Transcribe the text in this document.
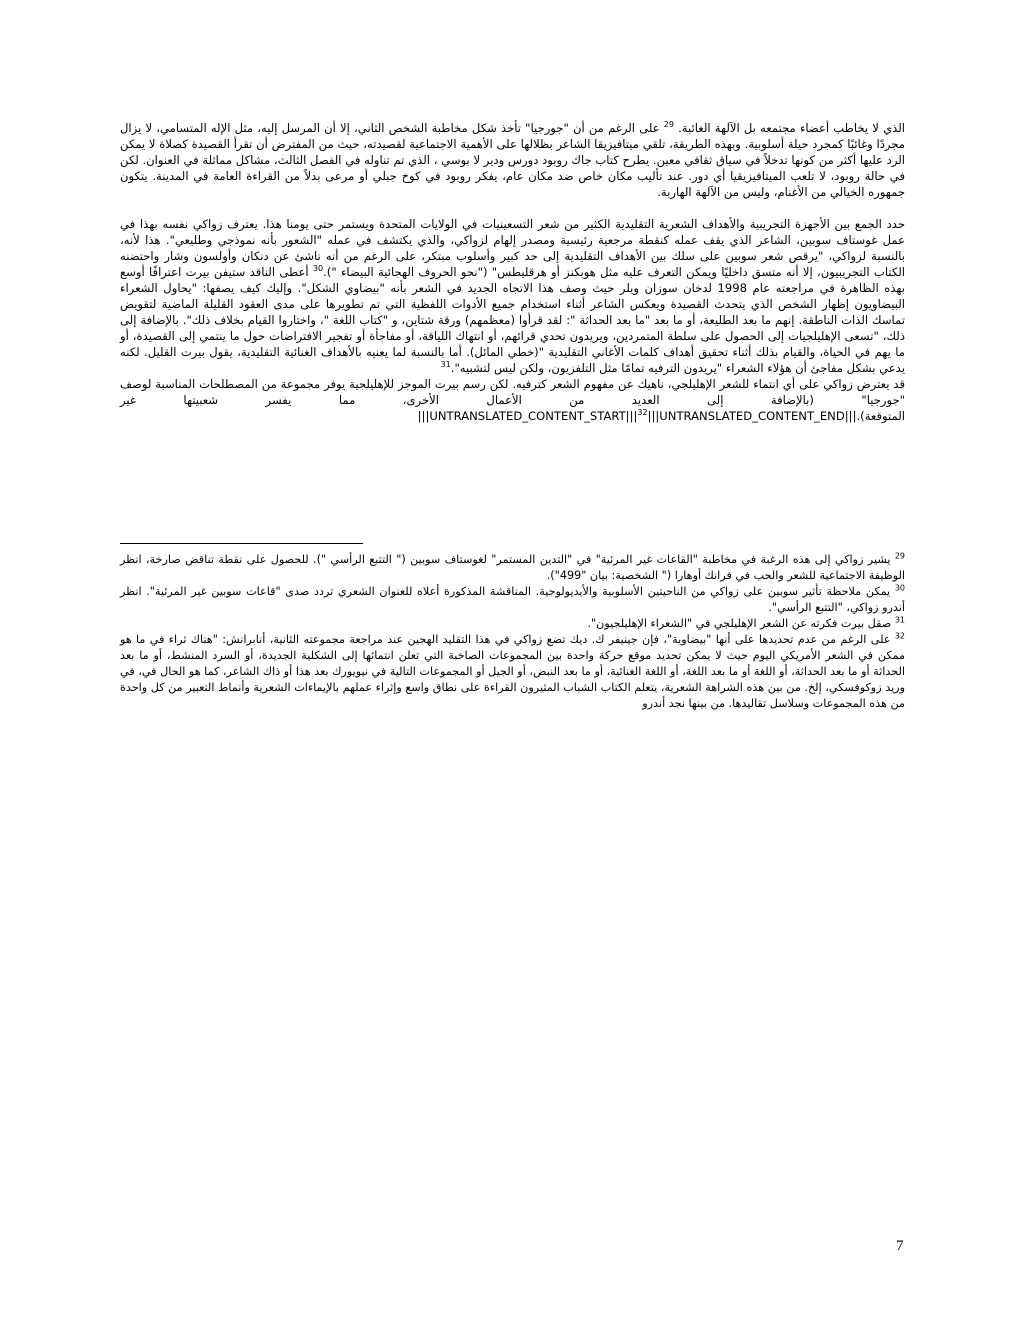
الذي لا يخاطب أعضاء مجتمعه بل الآلهة الغائبة. $^{29}$ على الرغم من أن "جورجيا" تأخذ شكل مخاطبة الشخص الثاني، إلا أن المرسل إليه، مثل الإله المتسامي، لا يزال مجردًا وغائبًا كمجرد حيلة أسلوبية. وبهذه الطريقة، تلقي ميتافيزيقا الشاعر بظلالها على الأهمية الاجتماعية لقصيدته، حيث من المفترض أن تقرأ القصيدة كصلاة لا يمكن الرد عليها أكثر من كونها تدخلاً في سياق ثقافي معين. يطرح كتاب جاك روبود دورس ودير لا بوسي ، الذي تم تناوله في الفصل الثالث، مشاكل مماثلة في العنوان. لكن في حالة روبود، لا تلعب الميتافيزيقيا أي دور. عند تأليب مكان خاص ضد مكان عام، يفكر روبود في كوخ جبلي أو مرعى بدلاً من القراءة العامة في المدينة. يتكون جمهوره الخيالي من الأغنام، وليس من الآلهة الهاربة.

حدد الجمع بين الأجهزة التجريبية والأهداف الشعرية التقليدية الكثير من شعر التسعينيات في الولايات المتحدة ويستمر حتى يومنا هذا. يعترف زواكي نفسه بهذا في عمل غوستاف سوبين، الشاعر الذي يقف عمله كنقطة مرجعية رئيسية ومصدر إلهام لزواكي، والذي يكتشف في عمله "الشعور بأنه نموذجي وطليعي". هذا لأنه، بالنسبة لزواكي، "يرقص شعر سوبين على سلك بين الأهداف التقليدية إلى حد كبير وأسلوب مبتكر، على الرغم من أنه ناشئ عن دنكان وأولسون وشار واحتضنه الكتاب التجريبيون، إلا أنه متسق داخليًا ويمكن التعرف عليه مثل هوبكنز أو هرقليطس" ("نحو الحروف الهجائية البيضاء ").$^{30}$ أعطى الناقد ستيفن بيرت اعترافًا أوسع بهذه الظاهرة في مراجعته عام 1998 لدخان سوزان ويلر حيث وصف هذا الاتجاه الجديد في الشعر بأنه "بيضاوي الشكل". وإليك كيف يصفها: "يحاول الشعراء البيضاويون إظهار الشخص الذي يتحدث القصيدة ويعكس الشاعر أثناء استخدام جميع الأدوات اللفظية التي تم تطويرها على مدى العقود القليلة الماضية لتقويض تماسك الذات الناطقة. إنهم ما بعد الطليعة، أو ما بعد "ما بعد الحداثة ": لقد قرأوا (معظمهم) ورقة شتاين، و "كتاب اللغة "، واختاروا القيام بخلاف ذلك". بالإضافة إلى ذلك، "تسعى الإهليلجيات إلى الحصول على سلطة المتمردين، ويريدون تحدي قرائهم، أو انتهاك اللياقة، أو مفاجأة أو تفجير الافتراضات حول ما ينتمي إلى القصيدة، أو ما يهم في الحياة، والقيام بذلك أثناء تحقيق أهداف كلمات الأغاني التقليدية "(خطي المائل). أما بالنسبة لما يعنيه بالأهداف الغنائية التقليدية، يقول بيرت القليل. لكنه يدعي بشكل مفاجئ أن هؤلاء الشعراء "يريدون الترفيه تمامًا مثل التلفزيون، ولكن ليس لتشبيه".$^{31}$

قد يعترض زواكي على أي انتماء للشعر الإهليلجي، ناهيك عن مفهوم الشعر كترفيه. لكن رسم بيرت الموجز للإهليلجية يوفر مجموعة من المصطلحات المناسبة لوصف "جورجيا" (بالإضافة إلى العديد من الأعمال الأخرى، مما يفسر شعبيتها غير $المتوقعة).|||UNTRANSLATED\_CONTENT\_START|||^{32}|||UNTRANSLATED\_CONTENT\_END|||$

$^{29}$ يشير زواكي إلى هذه الرغبة في مخاطبة "القاعات غير المرئية" في "التدين المستمر" لغوستاف سوبين (" التتبع الرأسي "). للحصول على نقطة تناقض صارخة، انظر الوظيفة الاجتماعية للشعر والحب في فرانك أوهارا (" الشخصية: بيان "499").

$^{30}$ يمكن ملاحظة تأثير سوبين على زواكي من الناحيتين الأسلوبية والأيديولوجية. المناقشة المذكورة أعلاه للعنوان الشعري تردد صدى "قاعات سوبين غير المرئية". انظر أندرو زواكي، "التتبع الرأسي".

$^{31}$ صقل بيرت فكرته عن الشعر الإهليلجي في "الشعراء الإهليلجيون".

$^{32}$ على الرغم من عدم تحديدها على أنها "بيضاوية"، فإن جينيفر ك. ديك تضع زواكي في هذا التقليد الهجين عند مراجعة مجموعته الثانية، أنابرانش: "هناك ثراء في ما هو ممكن في الشعر الأمريكي اليوم حيث لا يمكن تحديد موقع حركة واحدة بين المجموعات الصاخبة التي تعلن انتمائها إلى الشكلية الجديدة، أو السرد المنشط، أو ما بعد الحداثة أو ما بعد الحداثة، أو اللغة أو ما بعد اللغة، أو اللغة الغنائية، أو ما بعد النبض، أو الجيل أو المجموعات التالية في نيويورك بعد هذا أو ذاك الشاعر، كما هو الحال في، في وريد زوكوفسكي، إلخ. من بين هذه الشراهة الشعرية، يتعلم الكتاب الشباب المثيرون القراءة على نطاق واسع وإثراء عملهم بالإيماءات الشعرية وأنماط التعبير من كل واحدة من هذه المجموعات وسلاسل تقاليدها. من بينها نجد أندرو

7
